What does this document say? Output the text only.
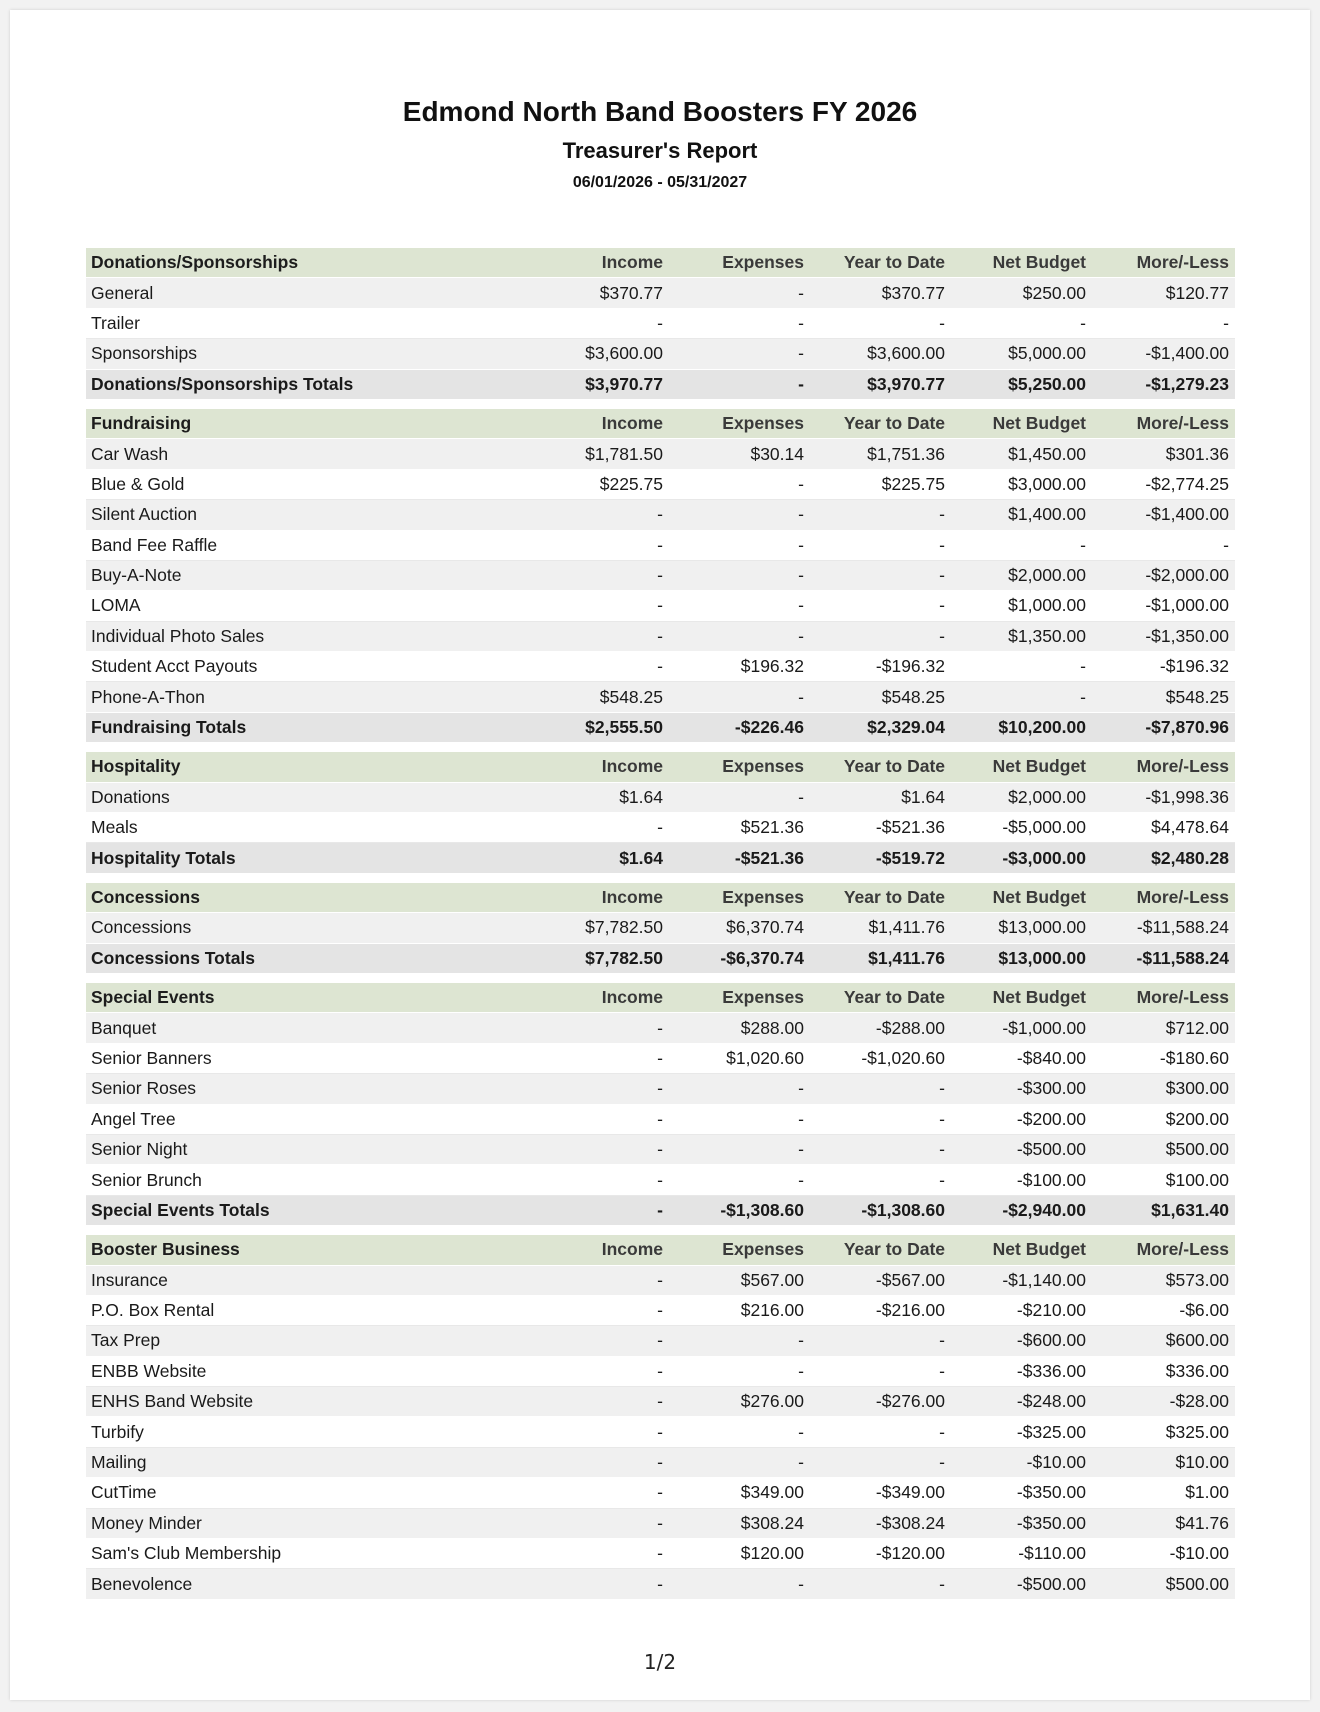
Edmond North Band Boosters FY 2026
Treasurer's Report
06/01/2026 - 05/31/2027
Donations/Sponsorships	Income	Expenses	Year to Date	Net Budget	More/-Less
General	$370.77	-	$370.77	$250.00	$120.77
Trailer	-	-	-	-	-
Sponsorships	$3,600.00	-	$3,600.00	$5,000.00	-$1,400.00
Donations/Sponsorships Totals	$3,970.77	-	$3,970.77	$5,250.00	-$1,279.23
Fundraising	Income	Expenses	Year to Date	Net Budget	More/-Less
Car Wash	$1,781.50	$30.14	$1,751.36	$1,450.00	$301.36
Blue & Gold	$225.75	-	$225.75	$3,000.00	-$2,774.25
Silent Auction	-	-	-	$1,400.00	-$1,400.00
Band Fee Raffle	-	-	-	-	-
Buy-A-Note	-	-	-	$2,000.00	-$2,000.00
LOMA	-	-	-	$1,000.00	-$1,000.00
Individual Photo Sales	-	-	-	$1,350.00	-$1,350.00
Student Acct Payouts	-	$196.32	-$196.32	-	-$196.32
Phone-A-Thon	$548.25	-	$548.25	-	$548.25
Fundraising Totals	$2,555.50	-$226.46	$2,329.04	$10,200.00	-$7,870.96
Hospitality	Income	Expenses	Year to Date	Net Budget	More/-Less
Donations	$1.64	-	$1.64	$2,000.00	-$1,998.36
Meals	-	$521.36	-$521.36	-$5,000.00	$4,478.64
Hospitality Totals	$1.64	-$521.36	-$519.72	-$3,000.00	$2,480.28
Concessions	Income	Expenses	Year to Date	Net Budget	More/-Less
Concessions	$7,782.50	$6,370.74	$1,411.76	$13,000.00	-$11,588.24
Concessions Totals	$7,782.50	-$6,370.74	$1,411.76	$13,000.00	-$11,588.24
Special Events	Income	Expenses	Year to Date	Net Budget	More/-Less
Banquet	-	$288.00	-$288.00	-$1,000.00	$712.00
Senior Banners	-	$1,020.60	-$1,020.60	-$840.00	-$180.60
Senior Roses	-	-	-	-$300.00	$300.00
Angel Tree	-	-	-	-$200.00	$200.00
Senior Night	-	-	-	-$500.00	$500.00
Senior Brunch	-	-	-	-$100.00	$100.00
Special Events Totals	-	-$1,308.60	-$1,308.60	-$2,940.00	$1,631.40
Booster Business	Income	Expenses	Year to Date	Net Budget	More/-Less
Insurance	-	$567.00	-$567.00	-$1,140.00	$573.00
P.O. Box Rental	-	$216.00	-$216.00	-$210.00	-$6.00
Tax Prep	-	-	-	-$600.00	$600.00
ENBB Website	-	-	-	-$336.00	$336.00
ENHS Band Website	-	$276.00	-$276.00	-$248.00	-$28.00
Turbify	-	-	-	-$325.00	$325.00
Mailing	-	-	-	-$10.00	$10.00
CutTime	-	$349.00	-$349.00	-$350.00	$1.00
Money Minder	-	$308.24	-$308.24	-$350.00	$41.76
Sam's Club Membership	-	$120.00	-$120.00	-$110.00	-$10.00
Benevolence	-	-	-	-$500.00	$500.00
1/2
